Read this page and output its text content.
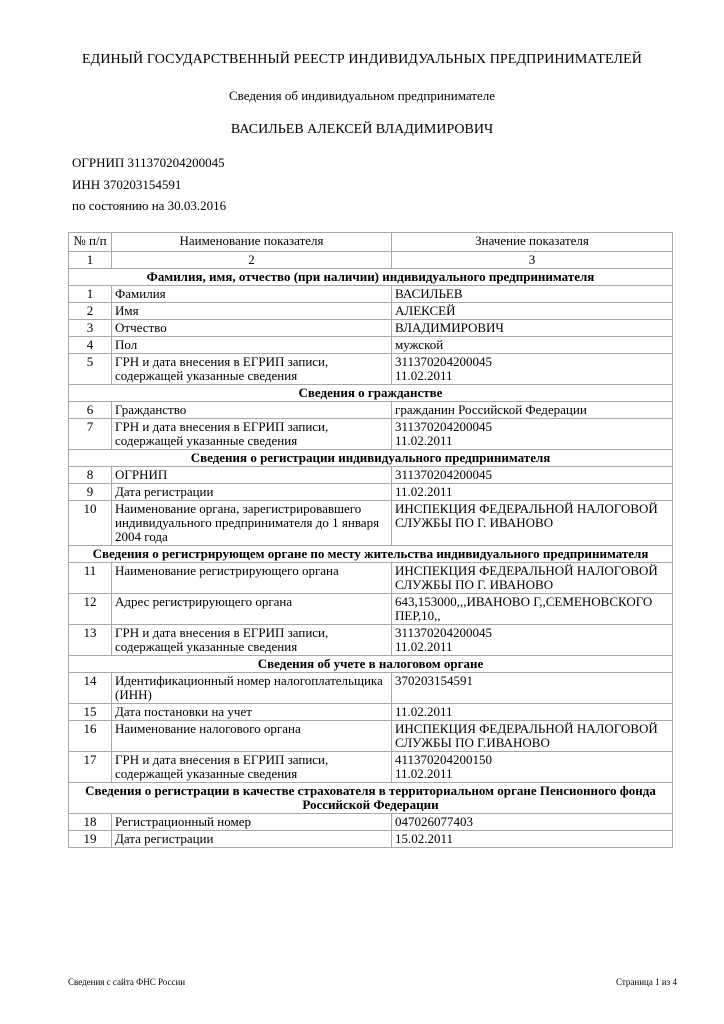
ЕДИНЫЙ ГОСУДАРСТВЕННЫЙ РЕЕСТР ИНДИВИДУАЛЬНЫХ ПРЕДПРИНИМАТЕЛЕЙ
Сведения об индивидуальном предпринимателе
ВАСИЛЬЕВ АЛЕКСЕЙ ВЛАДИМИРОВИЧ
ОГРНИП 311370204200045
ИНН 370203154591
по состоянию на 30.03.2016
№ п/п	Наименование показателя	Значение показателя
1	2	3
Фамилия, имя, отчество (при наличии) индивидуального предпринимателя		
1	Фамилия	ВАСИЛЬЕВ
2	Имя	АЛЕКСЕЙ
3	Отчество	ВЛАДИМИРОВИЧ
4	Пол	мужской
5	ГРН и дата внесения в ЕГРИП записи, содержащей указанные сведения	311370204200045
11.02.2011
Сведения о гражданстве		
6	Гражданство	гражданин Российской Федерации
7	ГРН и дата внесения в ЕГРИП записи, содержащей указанные сведения	311370204200045
11.02.2011
Сведения о регистрации индивидуального предпринимателя		
8	ОГРНИП	311370204200045
9	Дата регистрации	11.02.2011
10	Наименование органа, зарегистрировавшего индивидуального предпринимателя до 1 января 2004 года	ИНСПЕКЦИЯ ФЕДЕРАЛЬНОЙ НАЛОГОВОЙ СЛУЖБЫ ПО Г. ИВАНОВО
Сведения о регистрирующем органе по месту жительства индивидуального предпринимателя		
11	Наименование регистрирующего органа	ИНСПЕКЦИЯ ФЕДЕРАЛЬНОЙ НАЛОГОВОЙ СЛУЖБЫ ПО Г. ИВАНОВО
12	Адрес регистрирующего органа	643,153000,,,ИВАНОВО Г,,СЕМЕНОВСКОГО ПЕР,10,,
13	ГРН и дата внесения в ЕГРИП записи, содержащей указанные сведения	311370204200045
11.02.2011
Сведения об учете в налоговом органе		
14	Идентификационный номер налогоплательщика (ИНН)	370203154591
15	Дата постановки на учет	11.02.2011
16	Наименование налогового органа	ИНСПЕКЦИЯ ФЕДЕРАЛЬНОЙ НАЛОГОВОЙ СЛУЖБЫ ПО Г.ИВАНОВО
17	ГРН и дата внесения в ЕГРИП записи, содержащей указанные сведения	411370204200150
11.02.2011
Сведения о регистрации в качестве страхователя в территориальном органе Пенсионного фонда Российской Федерации		
18	Регистрационный номер	047026077403
19	Дата регистрации	15.02.2011
Сведения с сайта ФНС России	Страница 1 из 4
